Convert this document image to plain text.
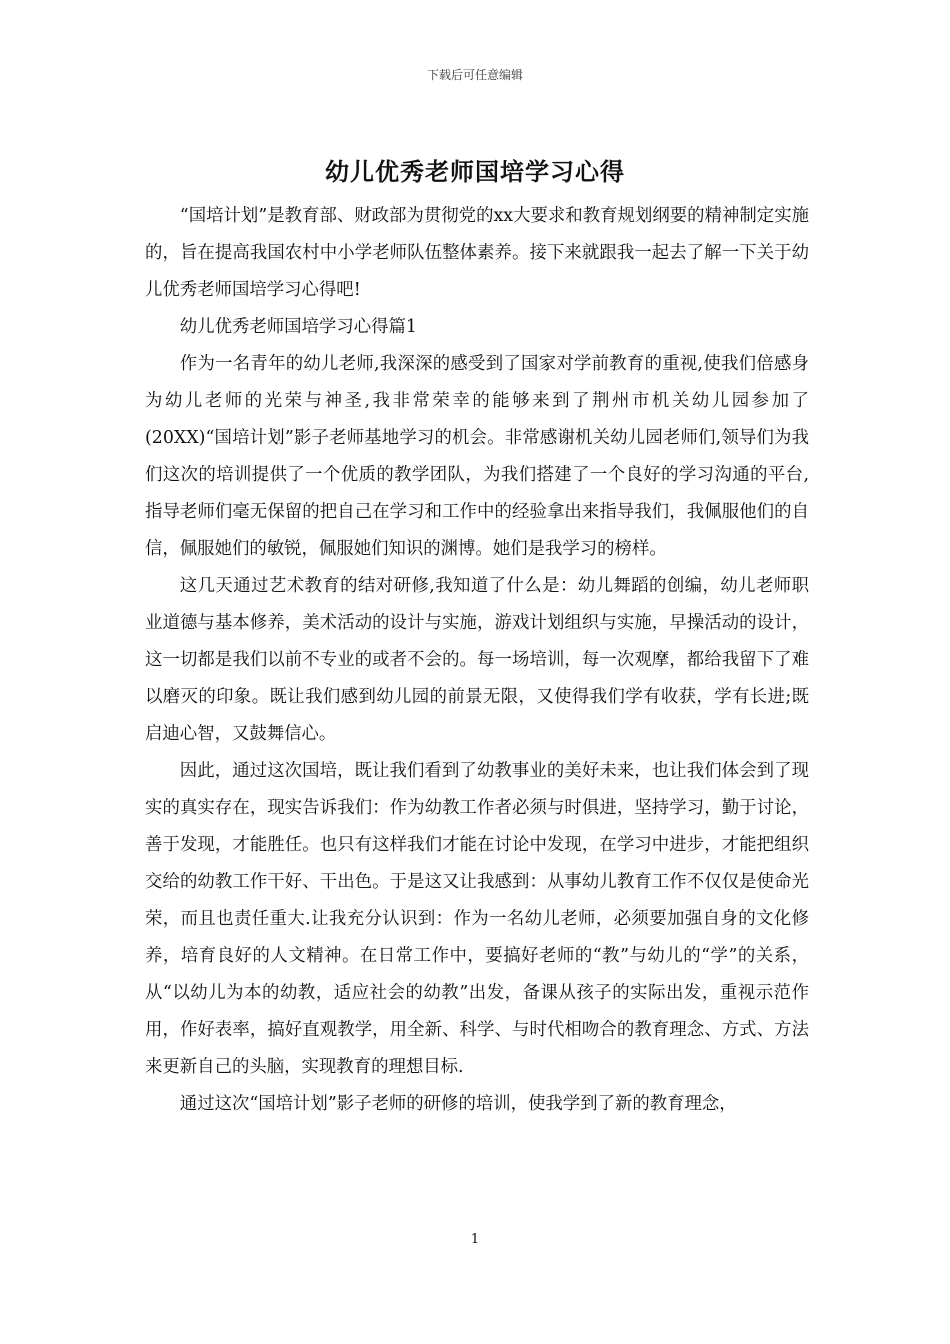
下载后可任意编辑
幼儿优秀老师国培学习心得

“国培计划”是教育部、财政部为贯彻党的xx大要求和教育规划纲要的精神制定实施的，旨在提高我国农村中小学老师队伍整体素养。接下来就跟我一起去了解一下关于幼儿优秀老师国培学习心得吧!

幼儿优秀老师国培学习心得篇1

作为一名青年的幼儿老师,我深深的感受到了国家对学前教育的重视,使我们倍感身为幼儿老师的光荣与神圣,我非常荣幸的能够来到了荆州市机关幼儿园参加了(20XX)“国培计划”影子老师基地学习的机会。非常感谢机关幼儿园老师们,领导们为我们这次的培训提供了一个优质的教学团队，为我们搭建了一个良好的学习沟通的平台,指导老师们毫无保留的把自己在学习和工作中的经验拿出来指导我们，我佩服他们的自信，佩服她们的敏锐，佩服她们知识的渊博。她们是我学习的榜样。

这几天通过艺术教育的结对研修,我知道了什么是：幼儿舞蹈的创编，幼儿老师职业道德与基本修养，美术活动的设计与实施，游戏计划组织与实施，早操活动的设计，这一切都是我们以前不专业的或者不会的。每一场培训，每一次观摩，都给我留下了难以磨灭的印象。既让我们感到幼儿园的前景无限，又使得我们学有收获，学有长进;既启迪心智，又鼓舞信心。

因此，通过这次国培，既让我们看到了幼教事业的美好未来，也让我们体会到了现实的真实存在，现实告诉我们：作为幼教工作者必须与时俱进，坚持学习，勤于讨论，善于发现，才能胜任。也只有这样我们才能在讨论中发现，在学习中进步，才能把组织交给的幼教工作干好、干出色。于是这又让我感到：从事幼儿教育工作不仅仅是使命光荣，而且也责任重大.让我充分认识到：作为一名幼儿老师，必须要加强自身的文化修养，培育良好的人文精神。在日常工作中，要搞好老师的“教”与幼儿的“学”的关系，从“以幼儿为本的幼教，适应社会的幼教”出发，备课从孩子的实际出发，重视示范作用，作好表率，搞好直观教学，用全新、科学、与时代相吻合的教育理念、方式、方法来更新自己的头脑，实现教育的理想目标.

通过这次“国培计划”影子老师的研修的培训，使我学到了新的教育理念，

1
